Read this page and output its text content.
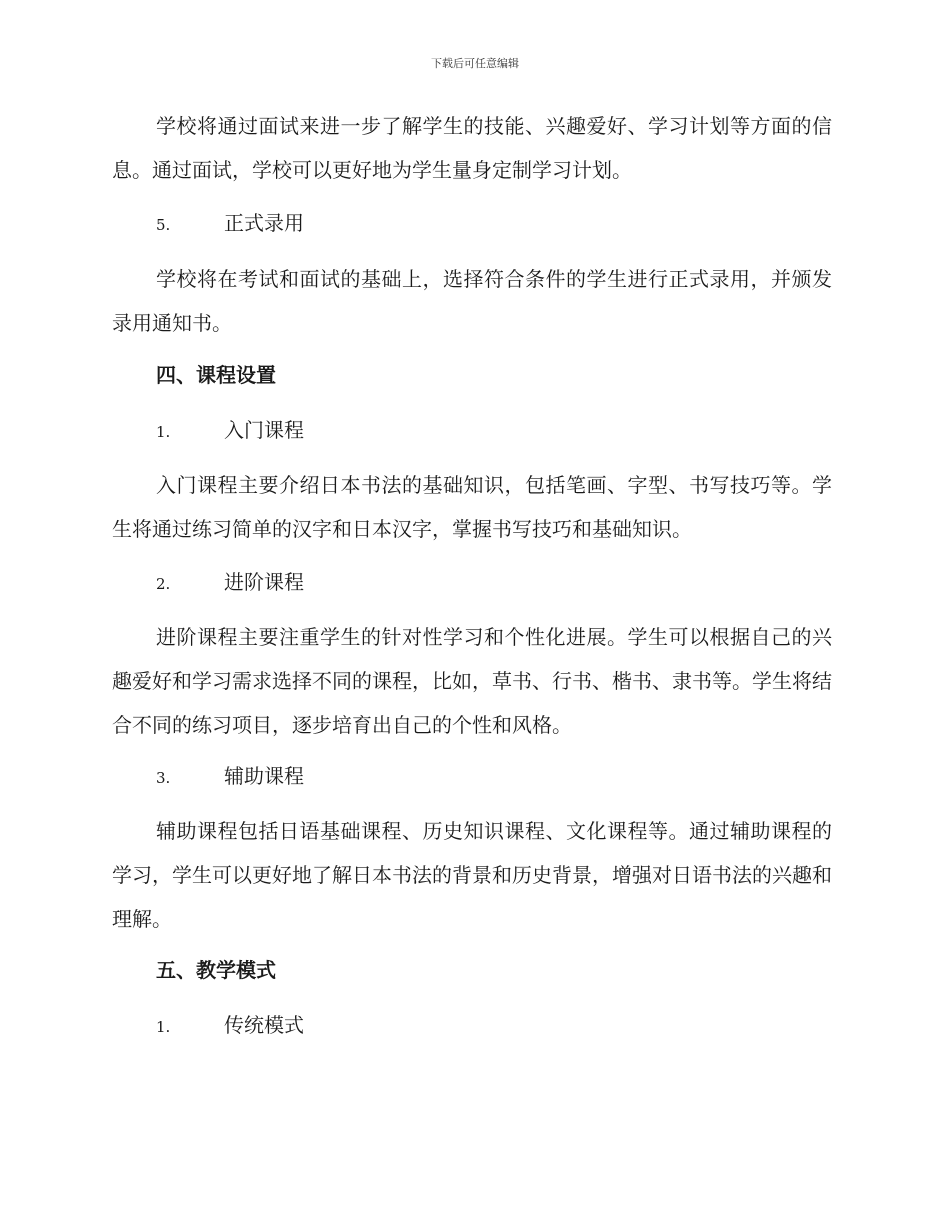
下载后可任意编辑
学校将通过面试来进一步了解学生的技能、兴趣爱好、学习计划等方面的信息。通过面试，学校可以更好地为学生量身定制学习计划。
5.	正式录用
学校将在考试和面试的基础上，选择符合条件的学生进行正式录用，并颁发录用通知书。
四、课程设置
1.	入门课程
入门课程主要介绍日本书法的基础知识，包括笔画、字型、书写技巧等。学生将通过练习简单的汉字和日本汉字，掌握书写技巧和基础知识。
2.	进阶课程
进阶课程主要注重学生的针对性学习和个性化进展。学生可以根据自己的兴趣爱好和学习需求选择不同的课程，比如，草书、行书、楷书、隶书等。学生将结合不同的练习项目，逐步培育出自己的个性和风格。
3.	辅助课程
辅助课程包括日语基础课程、历史知识课程、文化课程等。通过辅助课程的学习，学生可以更好地了解日本书法的背景和历史背景，增强对日语书法的兴趣和理解。
五、教学模式
1.	传统模式
